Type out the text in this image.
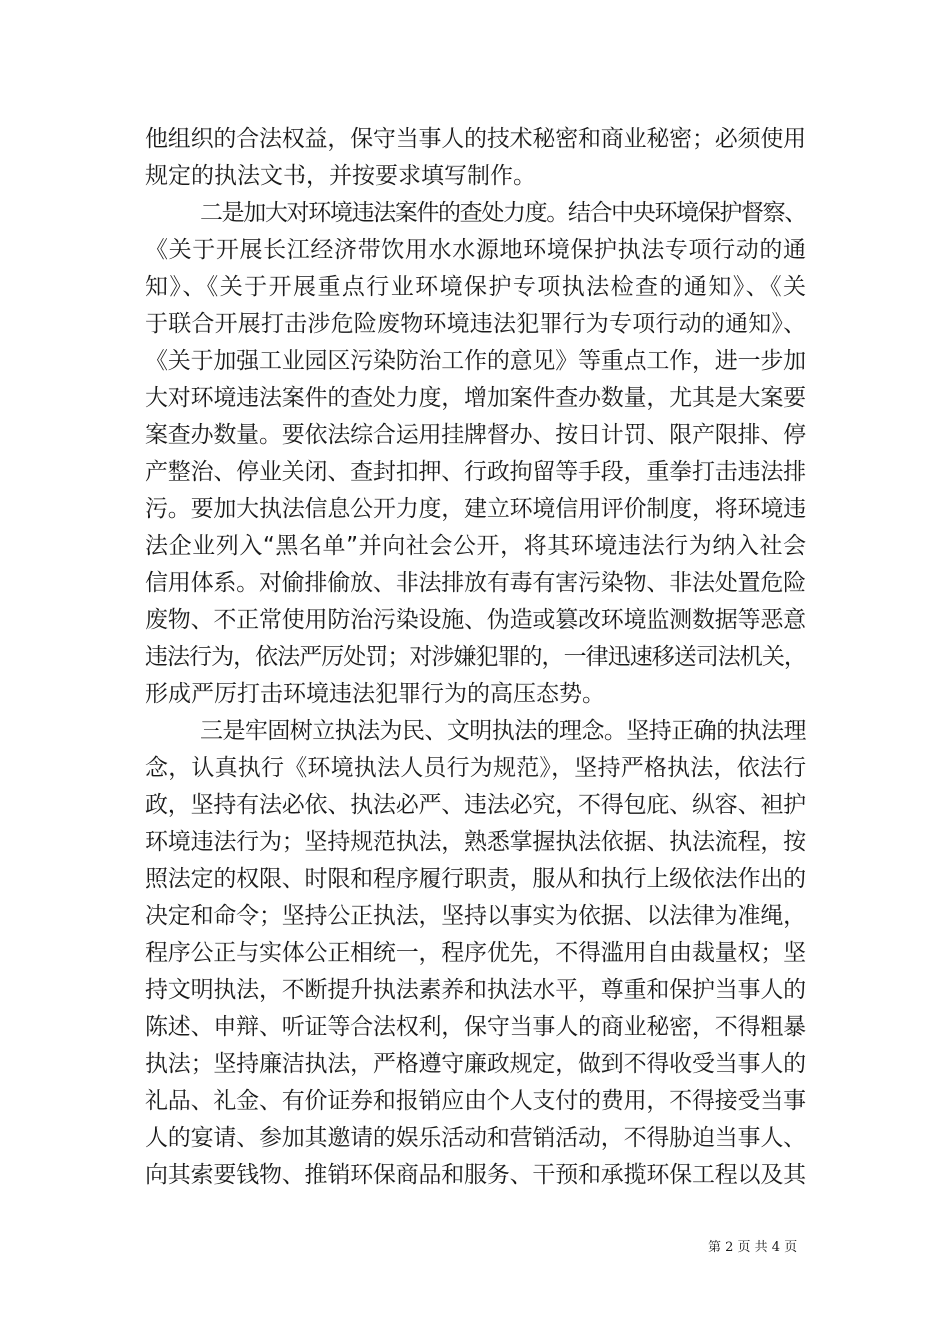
他组织的合法权益，保守当事人的技术秘密和商业秘密；必须使用
规定的执法文书，并按要求填写制作。
二是加大对环境违法案件的查处力度。结合中央环境保护督察、
《关于开展长江经济带饮用水水源地环境保护执法专项行动的通
知》、《关于开展重点行业环境保护专项执法检查的通知》、《关
于联合开展打击涉危险废物环境违法犯罪行为专项行动的通知》、
《关于加强工业园区污染防治工作的意见》等重点工作，进一步加
大对环境违法案件的查处力度，增加案件查办数量，尤其是大案要
案查办数量。要依法综合运用挂牌督办、按日计罚、限产限排、停
产整治、停业关闭、查封扣押、行政拘留等手段，重拳打击违法排
污。要加大执法信息公开力度，建立环境信用评价制度，将环境违
法企业列入“黑名单”并向社会公开，将其环境违法行为纳入社会
信用体系。对偷排偷放、非法排放有毒有害污染物、非法处置危险
废物、不正常使用防治污染设施、伪造或篡改环境监测数据等恶意
违法行为，依法严厉处罚；对涉嫌犯罪的，一律迅速移送司法机关，
形成严厉打击环境违法犯罪行为的高压态势。
三是牢固树立执法为民、文明执法的理念。坚持正确的执法理
念，认真执行《环境执法人员行为规范》，坚持严格执法，依法行
政，坚持有法必依、执法必严、违法必究，不得包庇、纵容、袒护
环境违法行为；坚持规范执法，熟悉掌握执法依据、执法流程，按
照法定的权限、时限和程序履行职责，服从和执行上级依法作出的
决定和命令；坚持公正执法，坚持以事实为依据、以法律为准绳，
程序公正与实体公正相统一，程序优先，不得滥用自由裁量权；坚
持文明执法，不断提升执法素养和执法水平，尊重和保护当事人的
陈述、申辩、听证等合法权利，保守当事人的商业秘密，不得粗暴
执法；坚持廉洁执法，严格遵守廉政规定，做到不得收受当事人的
礼品、礼金、有价证券和报销应由个人支付的费用，不得接受当事
人的宴请、参加其邀请的娱乐活动和营销活动，不得胁迫当事人、
向其索要钱物、推销环保商品和服务、干预和承揽环保工程以及其
第 2 页 共 4 页
